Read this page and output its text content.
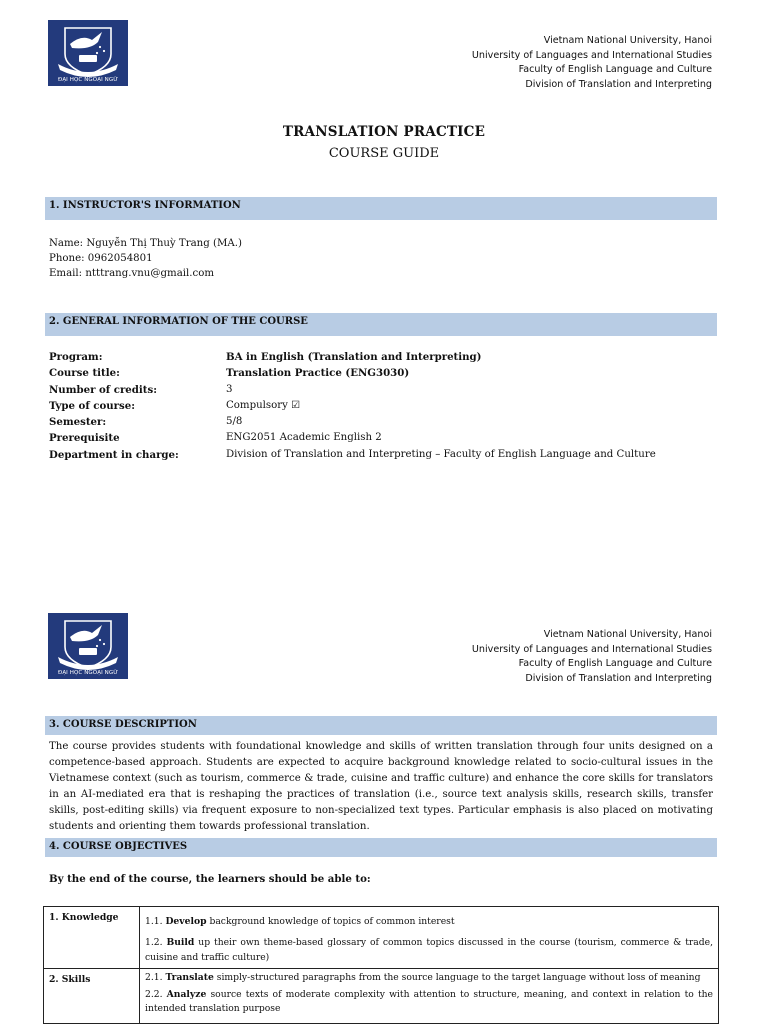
ĐẠI HỌC NGOẠI NGỮ
Vietnam National University, Hanoi
University of Languages and International Studies
Faculty of English Language and Culture
Division of Translation and Interpreting
TRANSLATION PRACTICE
COURSE GUIDE
1. INSTRUCTOR'S INFORMATION
Name: Nguyễn Thị Thuỳ Trang (MA.)
Phone: 0962054801
Email: ntttrang.vnu@gmail.com
2. GENERAL INFORMATION OF THE COURSE
Program:	BA in English (Translation and Interpreting)
Course title:	Translation Practice (ENG3030)
Number of credits:	3
Type of course:	Compulsory ☑
Semester:	5/8
Prerequisite	ENG2051 Academic English 2
Department in charge:	Division of Translation and Interpreting – Faculty of English Language and Culture
ĐẠI HỌC NGOẠI NGỮ
Vietnam National University, Hanoi
University of Languages and International Studies
Faculty of English Language and Culture
Division of Translation and Interpreting
3. COURSE DESCRIPTION

The course provides students with foundational knowledge and skills of written translation through four units designed on a competence-based approach. Students are expected to acquire background knowledge related to socio-cultural issues in the Vietnamese context (such as tourism, commerce & trade, cuisine and traffic culture) and enhance the core skills for translators in an AI-mediated era that is reshaping the practices of translation (i.e., source text analysis skills, research skills, transfer skills, post-editing skills) via frequent exposure to non-specialized text types. Particular emphasis is also placed on motivating students and orienting them towards professional translation.

4. COURSE OBJECTIVES
By the end of the course, the learners should be able to:
1. Knowledge	1.1. Develop background knowledge of topics of common interest
1.2. Build up their own theme-based glossary of common topics discussed in the course (tourism, commerce & trade, cuisine and traffic culture)

2. Skills	2.1. Translate simply-structured paragraphs from the source language to the target language without loss of meaning
2.2. Analyze source texts of moderate complexity with attention to structure, meaning, and context in relation to the intended translation purpose
